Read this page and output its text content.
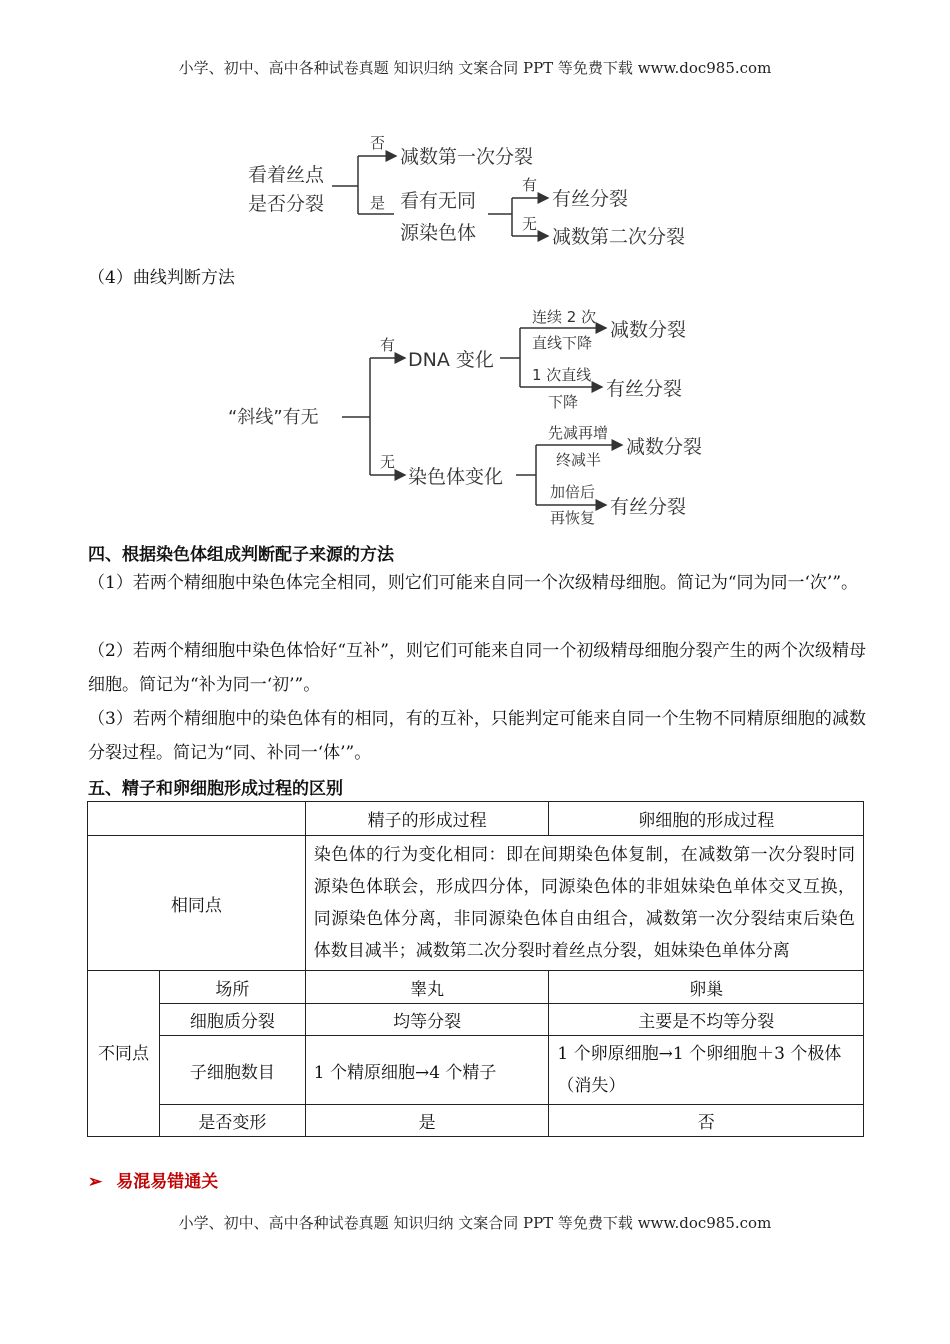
小学、初中、高中各种试卷真题 知识归纳 文案合同 PPT 等免费下载 www.doc985.com
看着丝点
是否分裂
否
减数第一次分裂
是 看有无同
源染色体
有
有丝分裂
无
减数第二次分裂
（4）曲线判断方法
“斜线”有无
有
无
DNA 变化
染色体变化
连续 2 次
直线下降
减数分裂
1 次直线
下降
有丝分裂
先减再增
终减半
减数分裂
加倍后
再恢复 有丝分裂
四、根据染色体组成判断配子来源的方法
（1）若两个精细胞中染色体完全相同，则它们可能来自同一个次级精母细胞。简记为“同为同一‘次’”。
（2）若两个精细胞中染色体恰好“互补”，则它们可能来自同一个初级精母细胞分裂产生的两个次级精母细胞。简记为“补为同一‘初’”。
（3）若两个精细胞中的染色体有的相同，有的互补，只能判定可能来自同一个生物不同精原细胞的减数分裂过程。简记为“同、补同一‘体’”。
五、精子和卵细胞形成过程的区别
		精子的形成过程	卵细胞的形成过程
相同点		染色体的行为变化相同：即在间期染色体复制，在减数第一次分裂时同源染色体联会，形成四分体，同源染色体的非姐妹染色单体交叉互换，同源染色体分离，非同源染色体自由组合，减数第一次分裂结束后染色体数目减半；减数第二次分裂时着丝点分裂，姐妹染色单体分离	
不同点	场所	睾丸	卵巢
	细胞质分裂	均等分裂	主要是不均等分裂
	子细胞数目	1 个精原细胞→4 个精子	1 个卵原细胞→1 个卵细胞＋3 个极体（消失）
	是否变形	是	否
➢ 易混易错通关
小学、初中、高中各种试卷真题 知识归纳 文案合同 PPT 等免费下载 www.doc985.com
